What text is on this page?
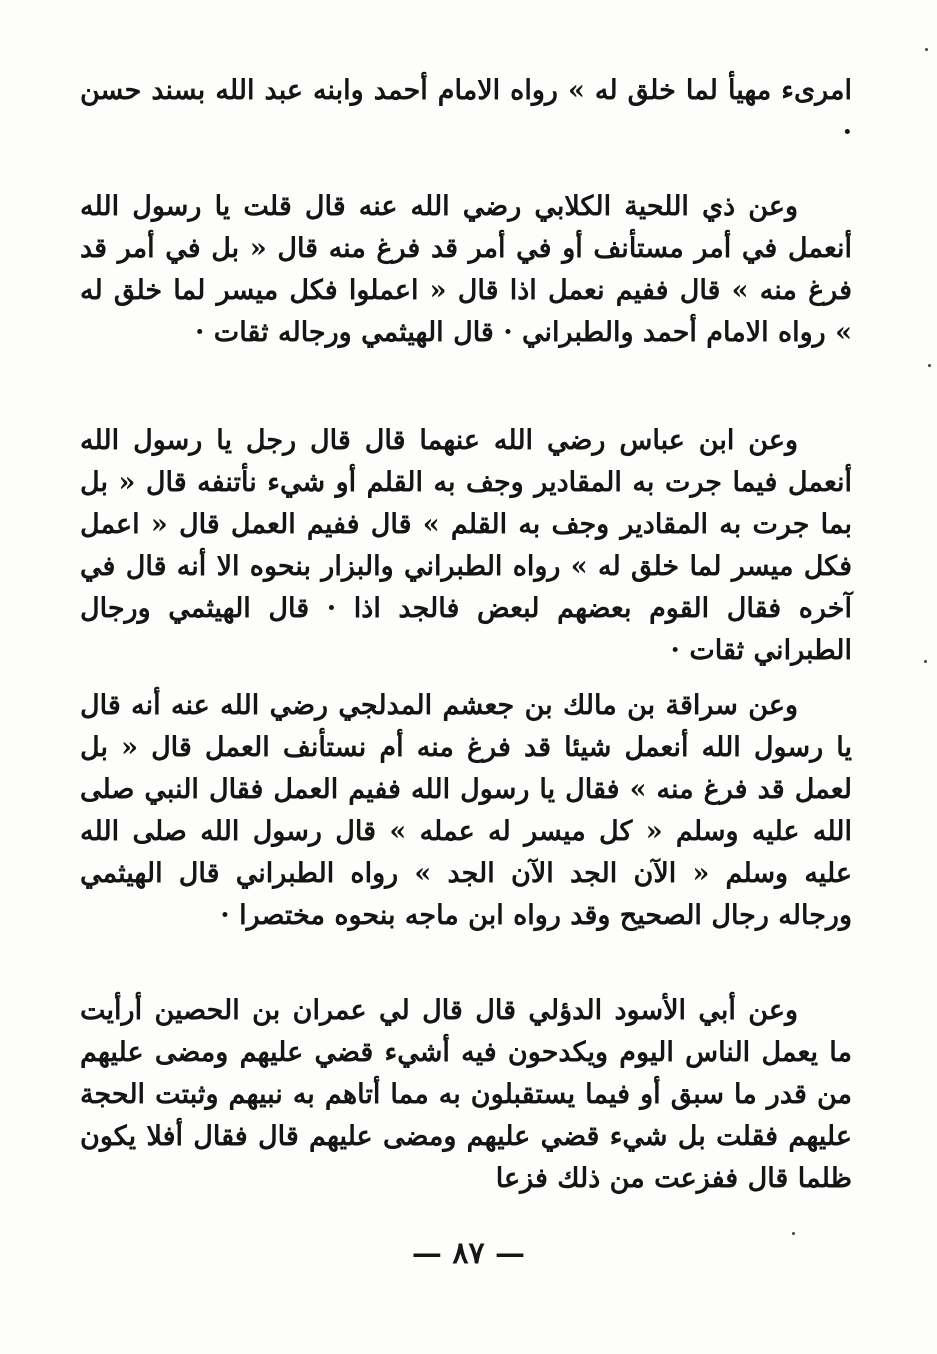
امرىء مهيأ لما خلق له » رواه الامام أحمد وابنه عبد الله بسند حسن ·

وعن ذي اللحية الكلابي رضي الله عنه قال قلت يا رسول الله أنعمل في أمر مستأنف أو في أمر قد فرغ منه قال « بل في أمر قد فرغ منه » قال ففيم نعمل اذا قال « اعملوا فكل ميسر لما خلق له » رواه الامام أحمد والطبراني · قال الهيثمي ورجاله ثقات ·

وعن ابن عباس رضي الله عنهما قال قال رجل يا رسول الله أنعمل فيما جرت به المقادير وجف به القلم أو شيء نأتنفه قال « بل بما جرت به المقادير وجف به القلم » قال ففيم العمل قال « اعمل فكل ميسر لما خلق له » رواه الطبراني والبزار بنحوه الا أنه قال في آخره فقال القوم بعضهم لبعض فالجد اذا · قال الهيثمي ورجال الطبراني ثقات ·

وعن سراقة بن مالك بن جعشم المدلجي رضي الله عنه أنه قال يا رسول الله أنعمل شيئا قد فرغ منه أم نستأنف العمل قال « بل لعمل قد فرغ منه » فقال يا رسول الله ففيم العمل فقال النبي صلى الله عليه وسلم « كل ميسر له عمله » قال رسول الله صلى الله عليه وسلم « الآن الجد الآن الجد » رواه الطبراني قال الهيثمي ورجاله رجال الصحيح وقد رواه ابن ماجه بنحوه مختصرا ·

وعن أبي الأسود الدؤلي قال قال لي عمران بن الحصين أرأيت ما يعمل الناس اليوم ويكدحون فيه أشيء قضي عليهم ومضى عليهم من قدر ما سبق أو فيما يستقبلون به مما أتاهم به نبيهم وثبتت الحجة عليهم فقلت بل شيء قضي عليهم ومضى عليهم قال فقال أفلا يكون ظلما قال ففزعت من ذلك فزعا

— ٨٧ —
